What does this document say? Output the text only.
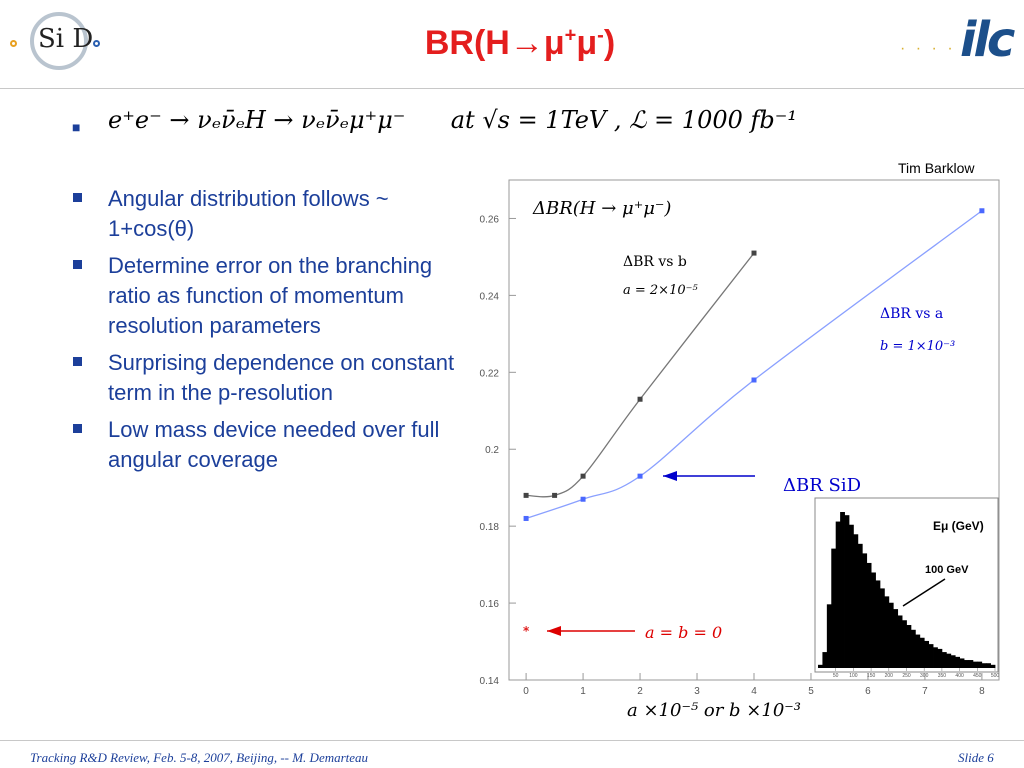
Si D	BR(H→μ+μ-)	· · · · ilc
■ e⁺e⁻ → νₑν̄ₑH → νₑν̄ₑμ⁺μ⁻ at √s = 1TeV , ℒ = 1000 fb⁻¹
Angular distribution follows ~ 1+cos(θ)
Determine error on the branching ratio as function of momentum resolution parameters
Surprising dependence on constant term in the p-resolution
Low mass device needed over full angular coverage
Tim Barklow
0.14
0.16
0.18
0.2
0.22
0.24
0.26
0	1	2	3	4	5	6	7	8
*
ΔBR(H → μ⁺μ⁻)
ΔBR vs b
a = 2×10⁻⁵
ΔBR vs a
b = 1×10⁻³
ΔBR SiD
a = b = 0
50 100 150 200 250 300 350 400 450 500
Eμ (GeV)
100 GeV
a ×10⁻⁵ or b ×10⁻³
Tracking R&D Review, Feb. 5-8, 2007, Beijing, -- M. Demarteau	Slide 6
